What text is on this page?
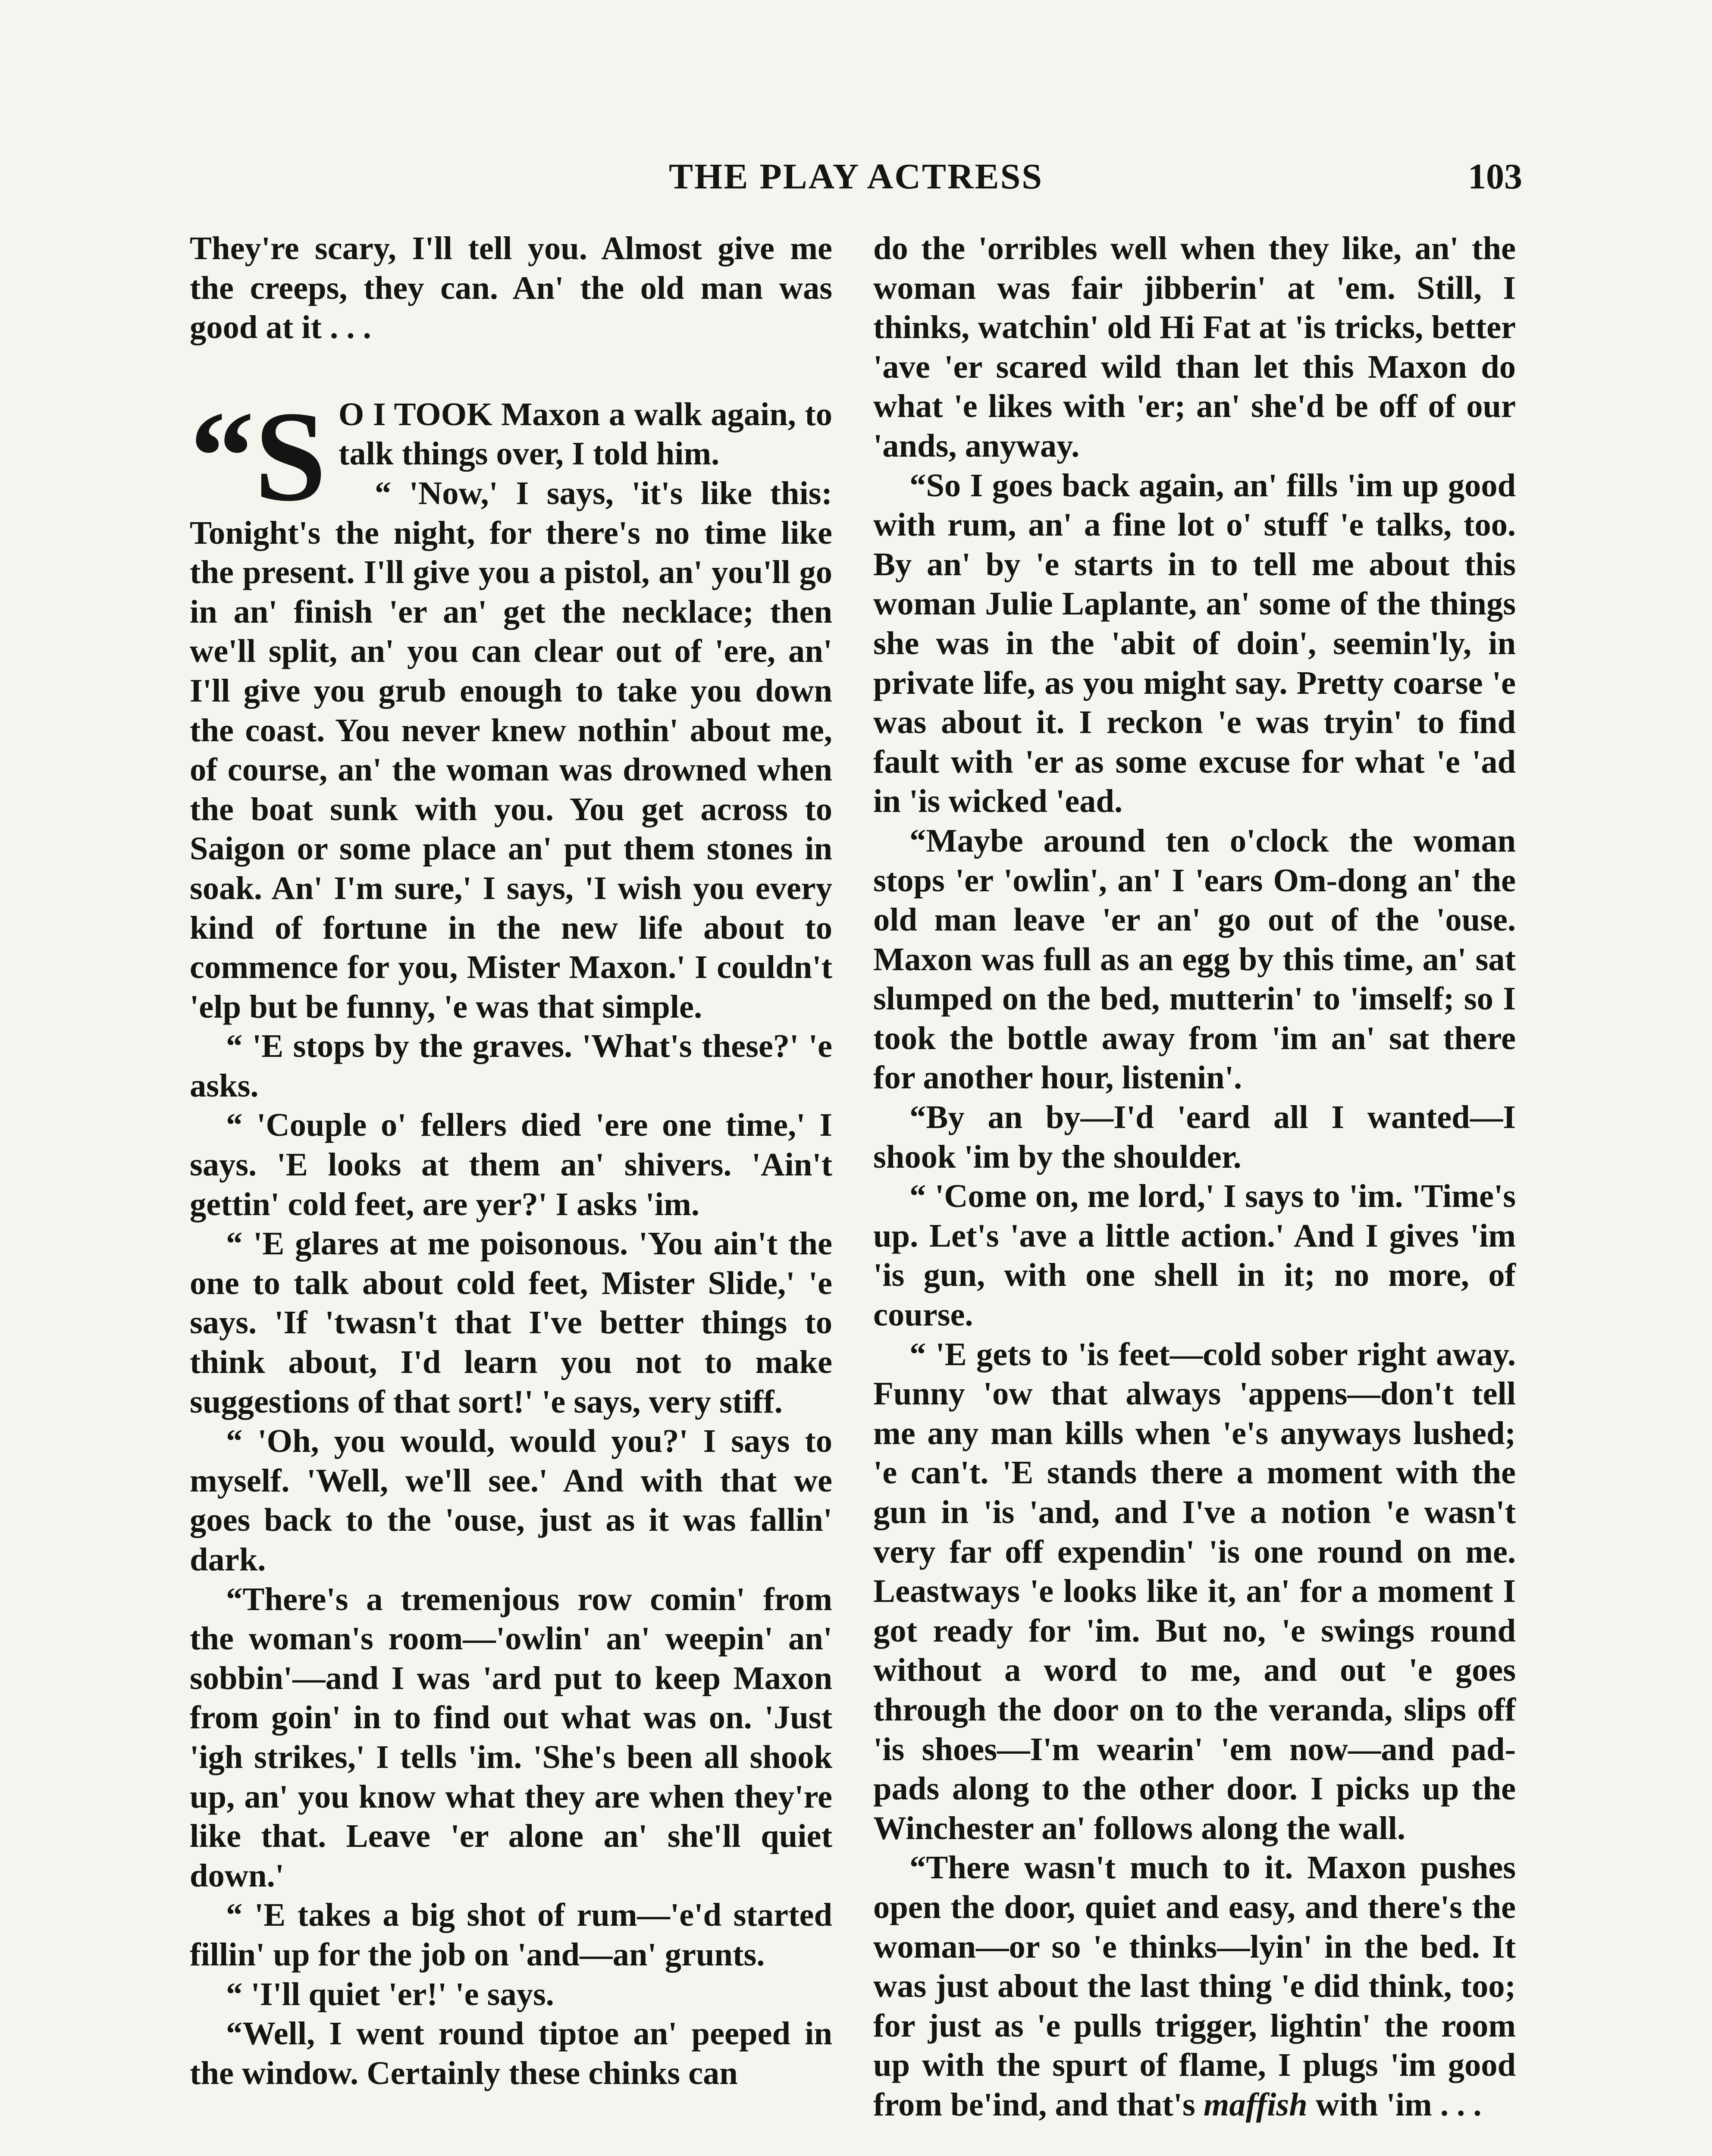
THE PLAY ACTRESS	103

They're scary, I'll tell you. Almost give me the creeps, they can. An' the old man was good at it . . .

“S O I TOOK Maxon a walk again, to talk things over, I told him.

“ 'Now,' I says, 'it's like this: Tonight's the night, for there's no time like the present. I'll give you a pistol, an' you'll go in an' finish 'er an' get the necklace; then we'll split, an' you can clear out of 'ere, an' I'll give you grub enough to take you down the coast. You never knew nothin' about me, of course, an' the woman was drowned when the boat sunk with you. You get across to Saigon or some place an' put them stones in soak. An' I'm sure,' I says, 'I wish you every kind of fortune in the new life about to commence for you, Mister Maxon.' I couldn't 'elp but be funny, 'e was that simple.

“ 'E stops by the graves. 'What's these?' 'e asks.

“ 'Couple o' fellers died 'ere one time,' I says. 'E looks at them an' shivers. 'Ain't gettin' cold feet, are yer?' I asks 'im.

“ 'E glares at me poisonous. 'You ain't the one to talk about cold feet, Mister Slide,' 'e says. 'If 'twasn't that I've better things to think about, I'd learn you not to make suggestions of that sort!' 'e says, very stiff.

“ 'Oh, you would, would you?' I says to myself. 'Well, we'll see.' And with that we goes back to the 'ouse, just as it was fallin' dark.

“There's a tremenjous row comin' from the woman's room—'owlin' an' weepin' an' sobbin'—and I was 'ard put to keep Maxon from goin' in to find out what was on. 'Just 'igh strikes,' I tells 'im. 'She's been all shook up, an' you know what they are when they're like that. Leave 'er alone an' she'll quiet down.'

“ 'E takes a big shot of rum—'e'd started fillin' up for the job on 'and—an' grunts.

“ 'I'll quiet 'er!' 'e says.

“Well, I went round tiptoe an' peeped in the window. Certainly these chinks can

do the 'orribles well when they like, an' the woman was fair jibberin' at 'em. Still, I thinks, watchin' old Hi Fat at 'is tricks, better 'ave 'er scared wild than let this Maxon do what 'e likes with 'er; an' she'd be off of our 'ands, anyway.

“So I goes back again, an' fills 'im up good with rum, an' a fine lot o' stuff 'e talks, too. By an' by 'e starts in to tell me about this woman Julie Laplante, an' some of the things she was in the 'abit of doin', seemin'ly, in private life, as you might say. Pretty coarse 'e was about it. I reckon 'e was tryin' to find fault with 'er as some excuse for what 'e 'ad in 'is wicked 'ead.

“Maybe around ten o'clock the woman stops 'er 'owlin', an' I 'ears Om-dong an' the old man leave 'er an' go out of the 'ouse. Maxon was full as an egg by this time, an' sat slumped on the bed, mutterin' to 'imself; so I took the bottle away from 'im an' sat there for another hour, listenin'.

“By an by—I'd 'eard all I wanted—I shook 'im by the shoulder.

“ 'Come on, me lord,' I says to 'im. 'Time's up. Let's 'ave a little action.' And I gives 'im 'is gun, with one shell in it; no more, of course.

“ 'E gets to 'is feet—cold sober right away. Funny 'ow that always 'appens—don't tell me any man kills when 'e's anyways lushed; 'e can't. 'E stands there a moment with the gun in 'is 'and, and I've a notion 'e wasn't very far off expendin' 'is one round on me. Leastways 'e looks like it, an' for a moment I got ready for 'im. But no, 'e swings round without a word to me, and out 'e goes through the door on to the veranda, slips off 'is shoes—I'm wearin' 'em now—and pad-pads along to the other door. I picks up the Winchester an' follows along the wall.

“There wasn't much to it. Maxon pushes open the door, quiet and easy, and there's the woman—or so 'e thinks—lyin' in the bed. It was just about the last thing 'e did think, too; for just as 'e pulls trigger, lightin' the room up with the spurt of flame, I plugs 'im good from be'ind, and that's maffish with 'im . . .
